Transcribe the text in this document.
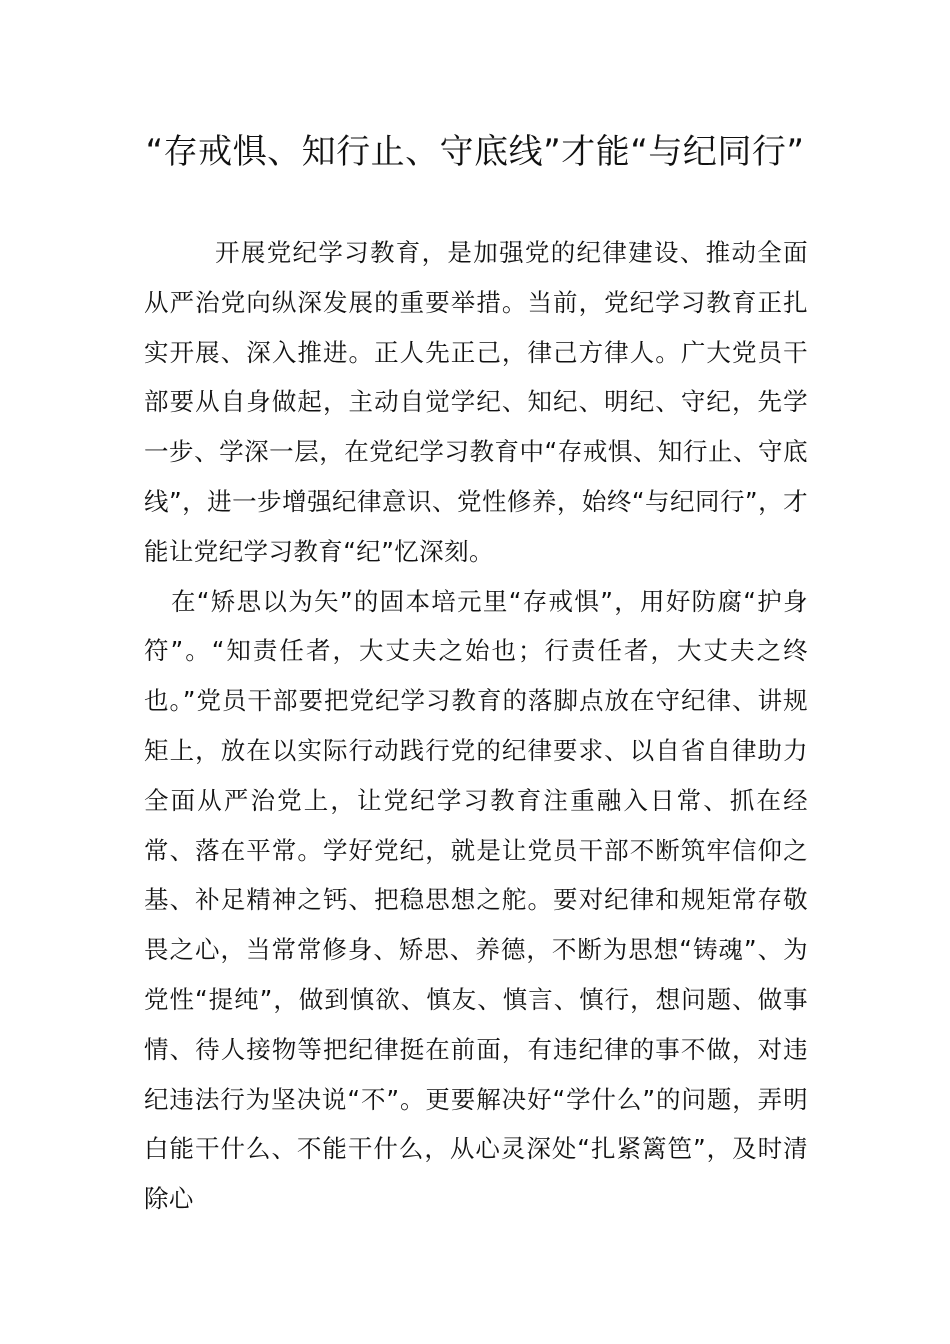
“存戒惧、知行止、守底线”才能“与纪同行”

开展党纪学习教育，是加强党的纪律建设、推动全面从严治党向纵深发展的重要举措。当前，党纪学习教育正扎实开展、深入推进。正人先正己，律己方律人。广大党员干部要从自身做起，主动自觉学纪、知纪、明纪、守纪，先学一步、学深一层，在党纪学习教育中“存戒惧、知行止、守底线”，进一步增强纪律意识、党性修养，始终“与纪同行”，才能让党纪学习教育“纪”忆深刻。

在“矫思以为矢”的固本培元里“存戒惧”，用好防腐“护身符”。“知责任者，大丈夫之始也；行责任者，大丈夫之终也。”党员干部要把党纪学习教育的落脚点放在守纪律、讲规矩上，放在以实际行动践行党的纪律要求、以自省自律助力全面从严治党上，让党纪学习教育注重融入日常、抓在经常、落在平常。学好党纪，就是让党员干部不断筑牢信仰之基、补足精神之钙、把稳思想之舵。要对纪律和规矩常存敬畏之心，当常常修身、矫思、养德，不断为思想“铸魂”、为党性“提纯”，做到慎欲、慎友、慎言、慎行，想问题、做事情、待人接物等把纪律挺在前面，有违纪律的事不做，对违纪违法行为坚决说“不”。更要解决好“学什么”的问题，弄明白能干什么、不能干什么，从心灵深处“扎紧篱笆”，及时清除心
